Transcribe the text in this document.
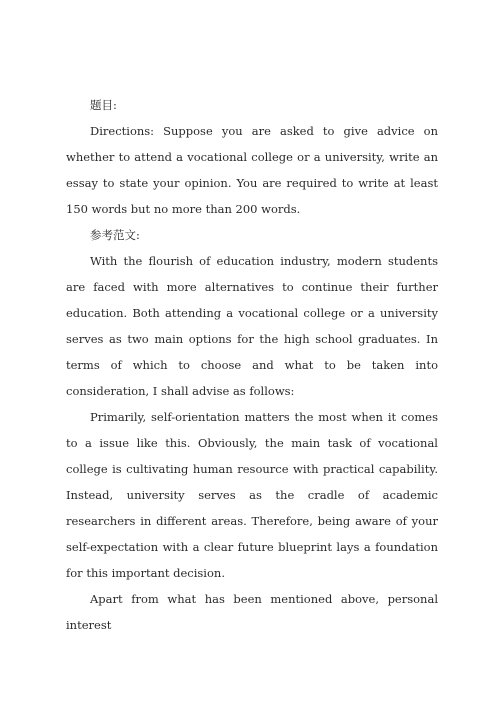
题目:

Directions: Suppose you are asked to give advice on whether to attend a vocational college or a university, write an essay to state your opinion. You are required to write at least 150 words but no more than 200 words.

参考范文:

With the flourish of education industry, modern students are faced with more alternatives to continue their further education. Both attending a vocational college or a university serves as two main options for the high school graduates. In terms of which to choose and what to be taken into consideration, I shall advise as follows:

Primarily, self-orientation matters the most when it comes to a issue like this. Obviously, the main task of vocational college is cultivating human resource with practical capability. Instead, university serves as the cradle of academic researchers in different areas. Therefore, being aware of your self-expectation with a clear future blueprint lays a foundation for this important decision.

Apart from what has been mentioned above, personal interest
